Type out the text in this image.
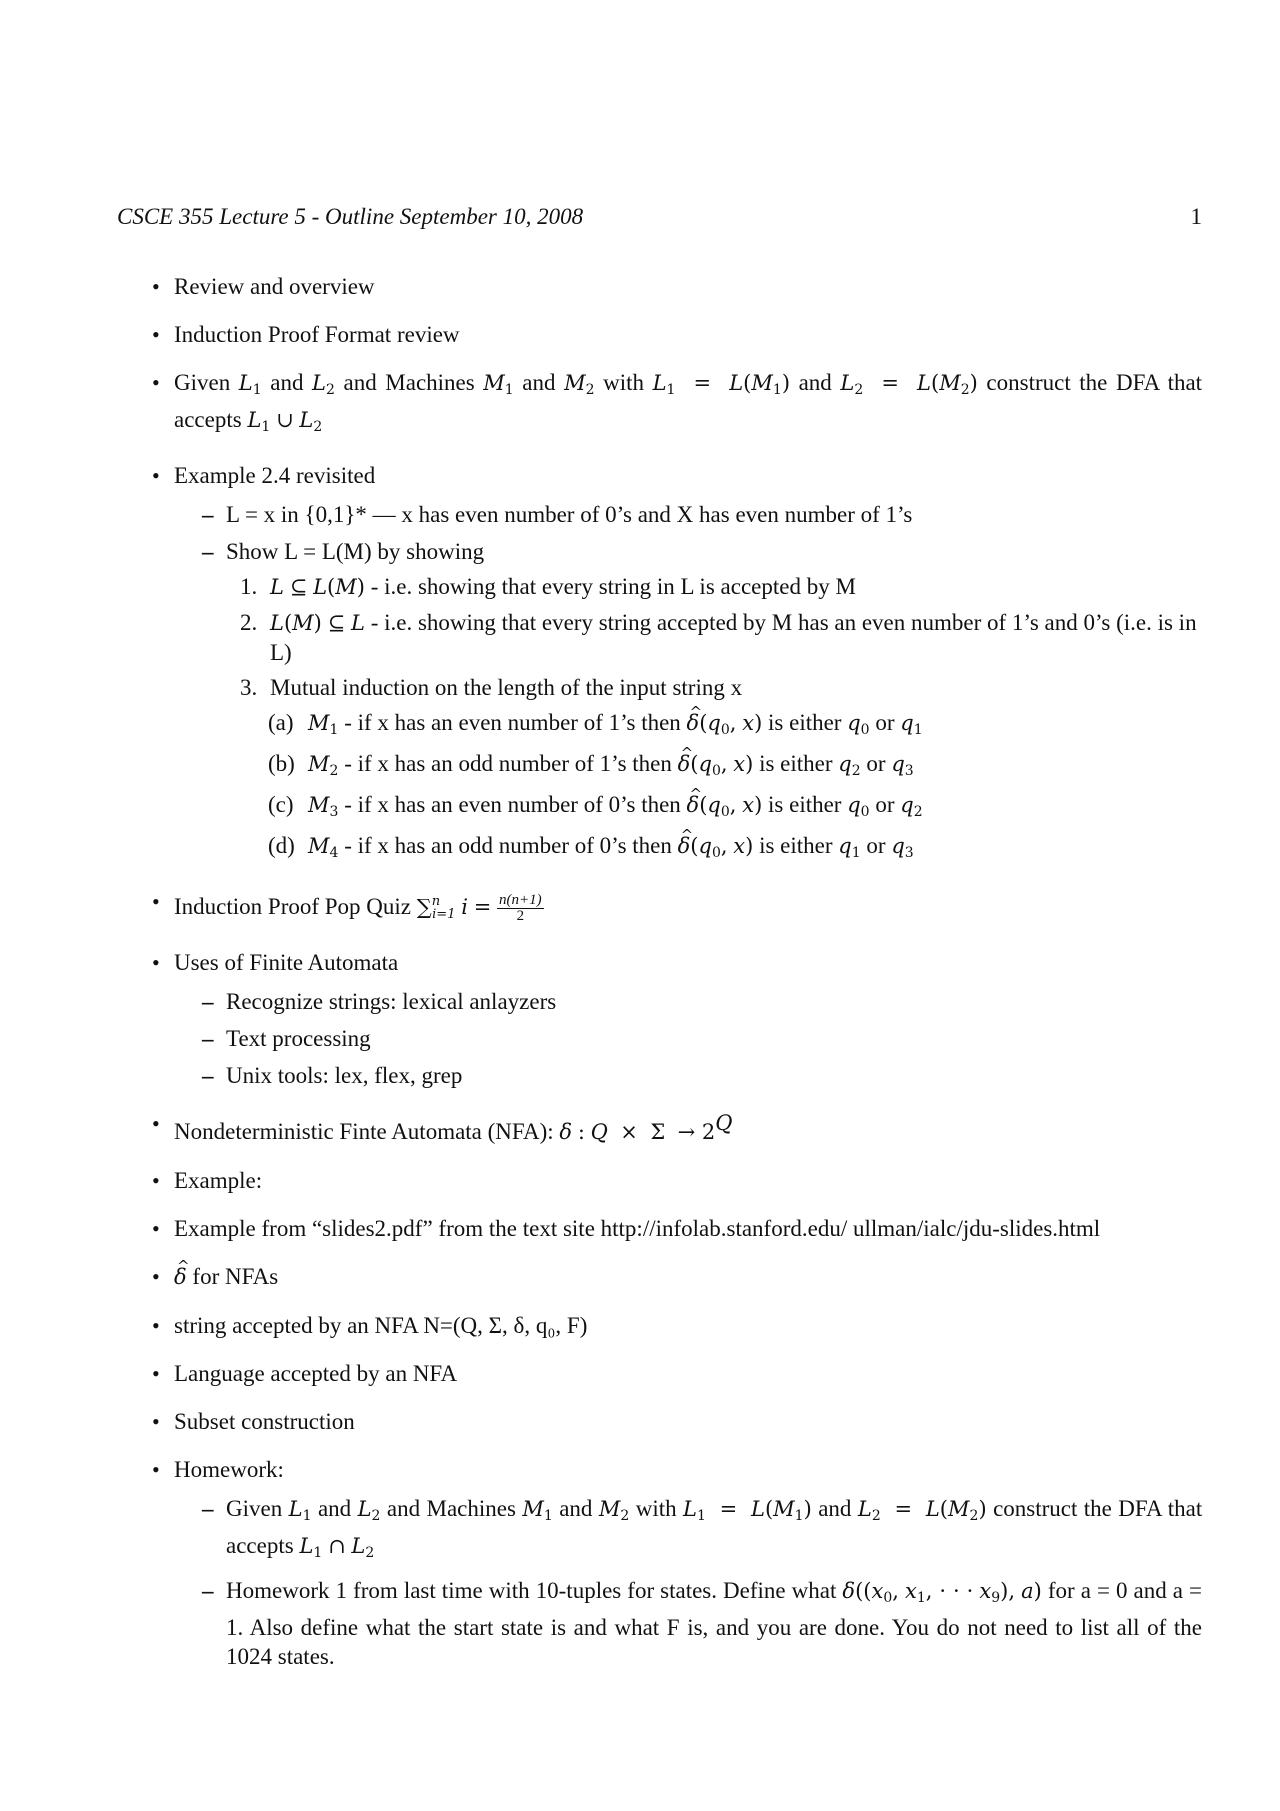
CSCE 355 Lecture 5 - Outline September 10, 2008	1
• Review and overview
• Induction Proof Format review
• Given $L_1$ and $L_2$ and Machines $M_1$ and $M_2$ with $L_1 = L(M_1)$ and $L_2 = L(M_2)$ construct the DFA that accepts $L_1$ ∪ $L_2$
• Example 2.4 revisited
– L = x in {0,1}* — x has even number of 0’s and X has even number of 1’s
– Show L = L(M) by showing
1. L ⊆ L(M) - i.e. showing that every string in L is accepted by M
2. L(M) ⊆ L - i.e. showing that every string accepted by M has an even number of 1’s and 0’s (i.e. is in L)
3. Mutual induction on the length of the input string x
(a) $M_1$ - if x has an even number of 1’s then δ $\^{}(q_0$, x) is either $q_0$ or $q_1$
(b) $M_2$ - if x has an odd number of 1’s then δ $\^{}(q_0$, x) is either $q_2$ or $q_3$
(c) $M_3$ - if x has an even number of 0’s then δ $\^{}(q_0$, x) is either $q_0$ or $q_2$
(d) $M_4$ - if x has an odd number of 0’s then δ $\^{}(q_0$, x) is either $q_1$ or $q_3$
• Induction Proof Pop Quiz ∑$^n_{i=1}$ $i = \frac{n(n+1)}{2}$
• Uses of Finite Automata
– Recognize strings: lexical anlayzers
– Text processing
– Unix tools: lex, flex, grep
• Nondeterministic Finte Automata (NFA): δ : $Q \times \Sigma \to 2^Q$
• Example:
• Example from “slides2.pdf” from the text site http://infolab.stanford.edu/ ullman/ialc/jdu-slides.html
• δ ^ for NFAs
• string accepted by an NFA N=(Q, Σ, δ, q₀, F)
• Language accepted by an NFA
• Subset construction
• Homework:
– Given $L_1$ and $L_2$ and Machines $M_1$ and $M_2$ with $L_1 = L(M_1)$ and $L_2 = L(M_2)$ construct the DFA that accepts $L_1$ ∩ $L_2$
– Homework 1 from last time with 10-tuples for states. Define what $\delta((x_0$, $x_1$, · · · $x_9$), a) for a = 0 and a = 1. Also define what the start state is and what F is, and you are done. You do not need to list all of the 1024 states.
